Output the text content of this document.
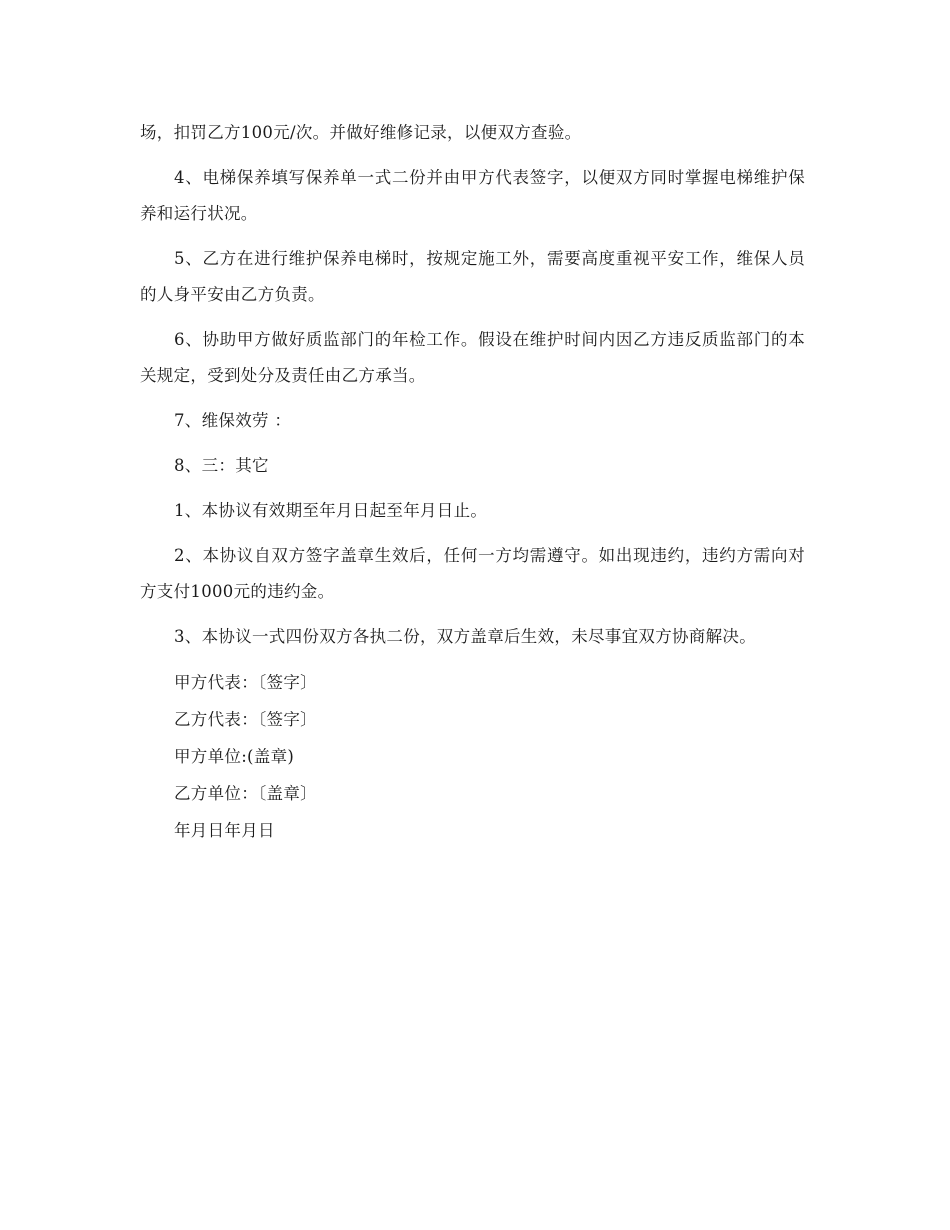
场，扣罚乙方100元/次。并做好维修记录，以便双方查验。

4、电梯保养填写保养单一式二份并由甲方代表签字，以便双方同时掌握电梯维护保养和运行状况。

5、乙方在进行维护保养电梯时，按规定施工外，需要高度重视平安工作，维保人员的人身平安由乙方负责。

6、协助甲方做好质监部门的年检工作。假设在维护时间内因乙方违反质监部门的本关规定，受到处分及责任由乙方承当。

7、维保效劳 ：

8、三：其它

1、本协议有效期至年月日起至年月日止。

2、本协议自双方签字盖章生效后，任何一方均需遵守。如出现违约，违约方需向对方支付1000元的违约金。

3、本协议一式四份双方各执二份，双方盖章后生效，未尽事宜双方协商解决。

甲方代表：〔签字〕

乙方代表：〔签字〕

甲方单位:(盖章)

乙方单位：〔盖章〕

年月日年月日
